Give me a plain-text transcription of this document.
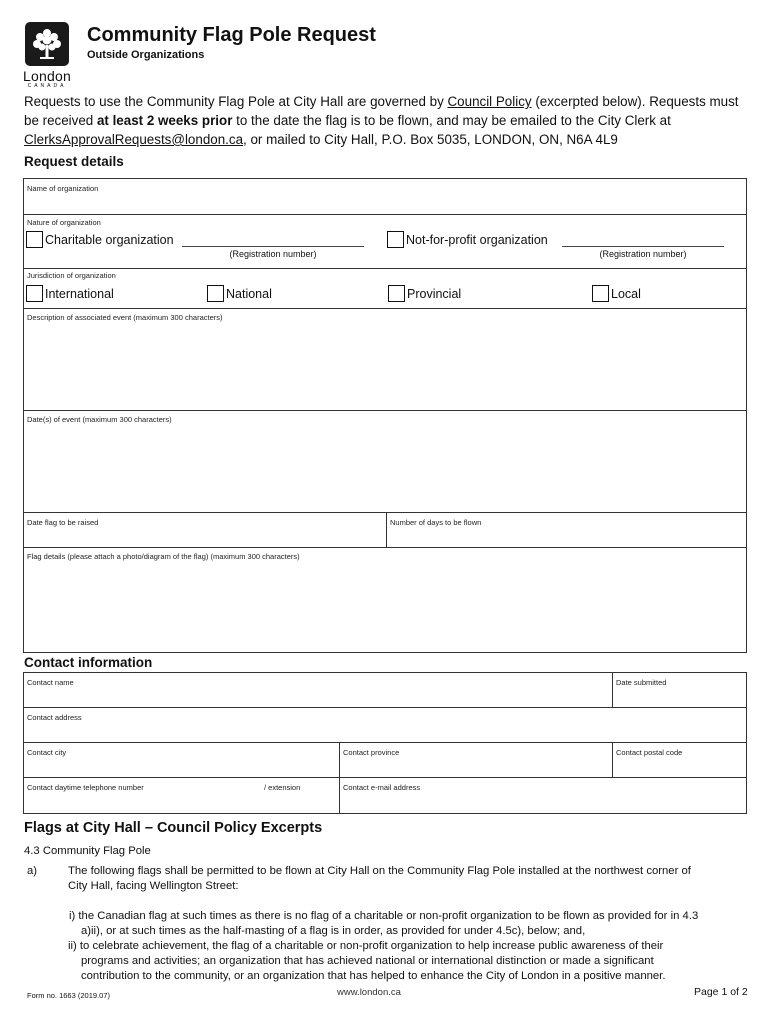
London
CANADA
Community Flag Pole Request
Outside Organizations
Requests to use the Community Flag Pole at City Hall are governed by Council Policy (excerpted below). Requests must be received at least 2 weeks prior to the date the flag is to be flown, and may be emailed to the City Clerk at ClerksApprovalRequests@london.ca, or mailed to City Hall, P.O. Box 5035, LONDON, ON, N6A 4L9
Request details
Name of organization
Nature of organization
Charitable organization
(Registration number)
Not-for-profit organization
(Registration number)
Jurisdiction of organization
International	National	Provincial	Local
Description of associated event (maximum 300 characters)
Date(s) of event (maximum 300 characters)
Date flag to be raised	Number of days to be flown
Flag details (please attach a photo/diagram of the flag) (maximum 300 characters)
Contact information
Contact name	Date submitted
Contact address
Contact city	Contact province	Contact postal code
Contact daytime telephone number	/ extension	Contact e-mail address
Flags at City Hall – Council Policy Excerpts
4.3 Community Flag Pole
a)	The following flags shall be permitted to be flown at City Hall on the Community Flag Pole installed at the northwest corner of
City Hall, facing Wellington Street:
i) the Canadian flag at such times as there is no flag of a charitable or non-profit organization to be flown as provided for in 4.3
a)ii), or at such times as the half-masting of a flag is in order, as provided for under 4.5c), below; and,
ii) to celebrate achievement, the flag of a charitable or non-profit organization to help increase public awareness of their
programs and activities; an organization that has achieved national or international distinction or made a significant
contribution to the community, or an organization that has helped to enhance the City of London in a positive manner.
Form no. 1663 (2019.07)	www.london.ca	Page 1 of 2
